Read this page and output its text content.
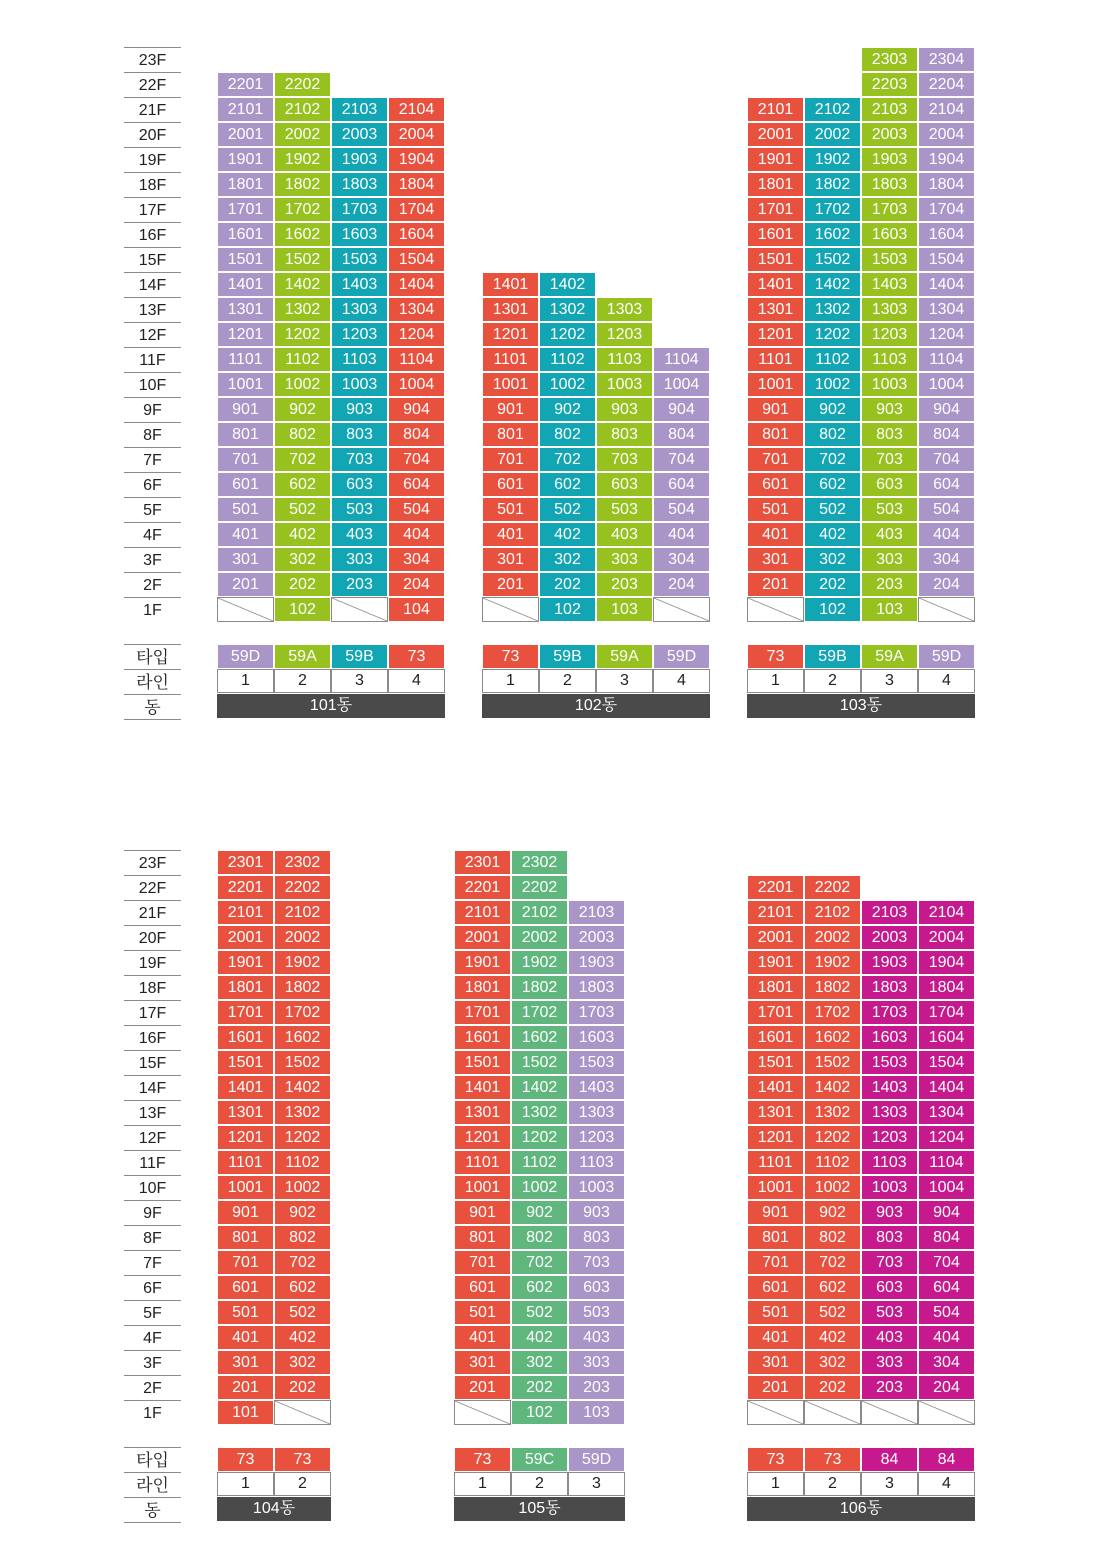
23F
22F
21F
20F
19F
18F
17F
16F
15F
14F
13F
12F
11F
10F
9F
8F
7F
6F
5F
4F
3F
2F
1F
타입
라인
동
2201
2101
2001
1901
1801
1701
1601
1501
1401
1301
1201
1101
1001
901
801
701
601
501
401
301
201
59D
1
2202
2102
2002
1902
1802
1702
1602
1502
1402
1302
1202
1102
1002
902
802
702
602
502
402
302
202
102
59A
2
2103
2003
1903
1803
1703
1603
1503
1403
1303
1203
1103
1003
903
803
703
603
503
403
303
203
59B
3
2104
2004
1904
1804
1704
1604
1504
1404
1304
1204
1104
1004
904
804
704
604
504
404
304
204
104
73
4
101동
1401
1301
1201
1101
1001
901
801
701
601
501
401
301
201
73
1
1402
1302
1202
1102
1002
902
802
702
602
502
402
302
202
102
59B
2
1303
1203
1103
1003
903
803
703
603
503
403
303
203
103
59A
3
1104
1004
904
804
704
604
504
404
304
204
59D
4
102동
2101
2001
1901
1801
1701
1601
1501
1401
1301
1201
1101
1001
901
801
701
601
501
401
301
201
73
1
2102
2002
1902
1802
1702
1602
1502
1402
1302
1202
1102
1002
902
802
702
602
502
402
302
202
102
59B
2
2303
2203
2103
2003
1903
1803
1703
1603
1503
1403
1303
1203
1103
1003
903
803
703
603
503
403
303
203
103
59A
3
2304
2204
2104
2004
1904
1804
1704
1604
1504
1404
1304
1204
1104
1004
904
804
704
604
504
404
304
204
59D
4
103동
23F
22F
21F
20F
19F
18F
17F
16F
15F
14F
13F
12F
11F
10F
9F
8F
7F
6F
5F
4F
3F
2F
1F
타입
라인
동
2301
2201
2101
2001
1901
1801
1701
1601
1501
1401
1301
1201
1101
1001
901
801
701
601
501
401
301
201
101
73
1
2302
2202
2102
2002
1902
1802
1702
1602
1502
1402
1302
1202
1102
1002
902
802
702
602
502
402
302
202
73
2
104동
2301
2201
2101
2001
1901
1801
1701
1601
1501
1401
1301
1201
1101
1001
901
801
701
601
501
401
301
201
73
1
2302
2202
2102
2002
1902
1802
1702
1602
1502
1402
1302
1202
1102
1002
902
802
702
602
502
402
302
202
102
59C
2
2103
2003
1903
1803
1703
1603
1503
1403
1303
1203
1103
1003
903
803
703
603
503
403
303
203
103
59D
3
105동
2201
2101
2001
1901
1801
1701
1601
1501
1401
1301
1201
1101
1001
901
801
701
601
501
401
301
201
73
1
2202
2102
2002
1902
1802
1702
1602
1502
1402
1302
1202
1102
1002
902
802
702
602
502
402
302
202
73
2
2103
2003
1903
1803
1703
1603
1503
1403
1303
1203
1103
1003
903
803
703
603
503
403
303
203
84
3
2104
2004
1904
1804
1704
1604
1504
1404
1304
1204
1104
1004
904
804
704
604
504
404
304
204
84
4
106동
